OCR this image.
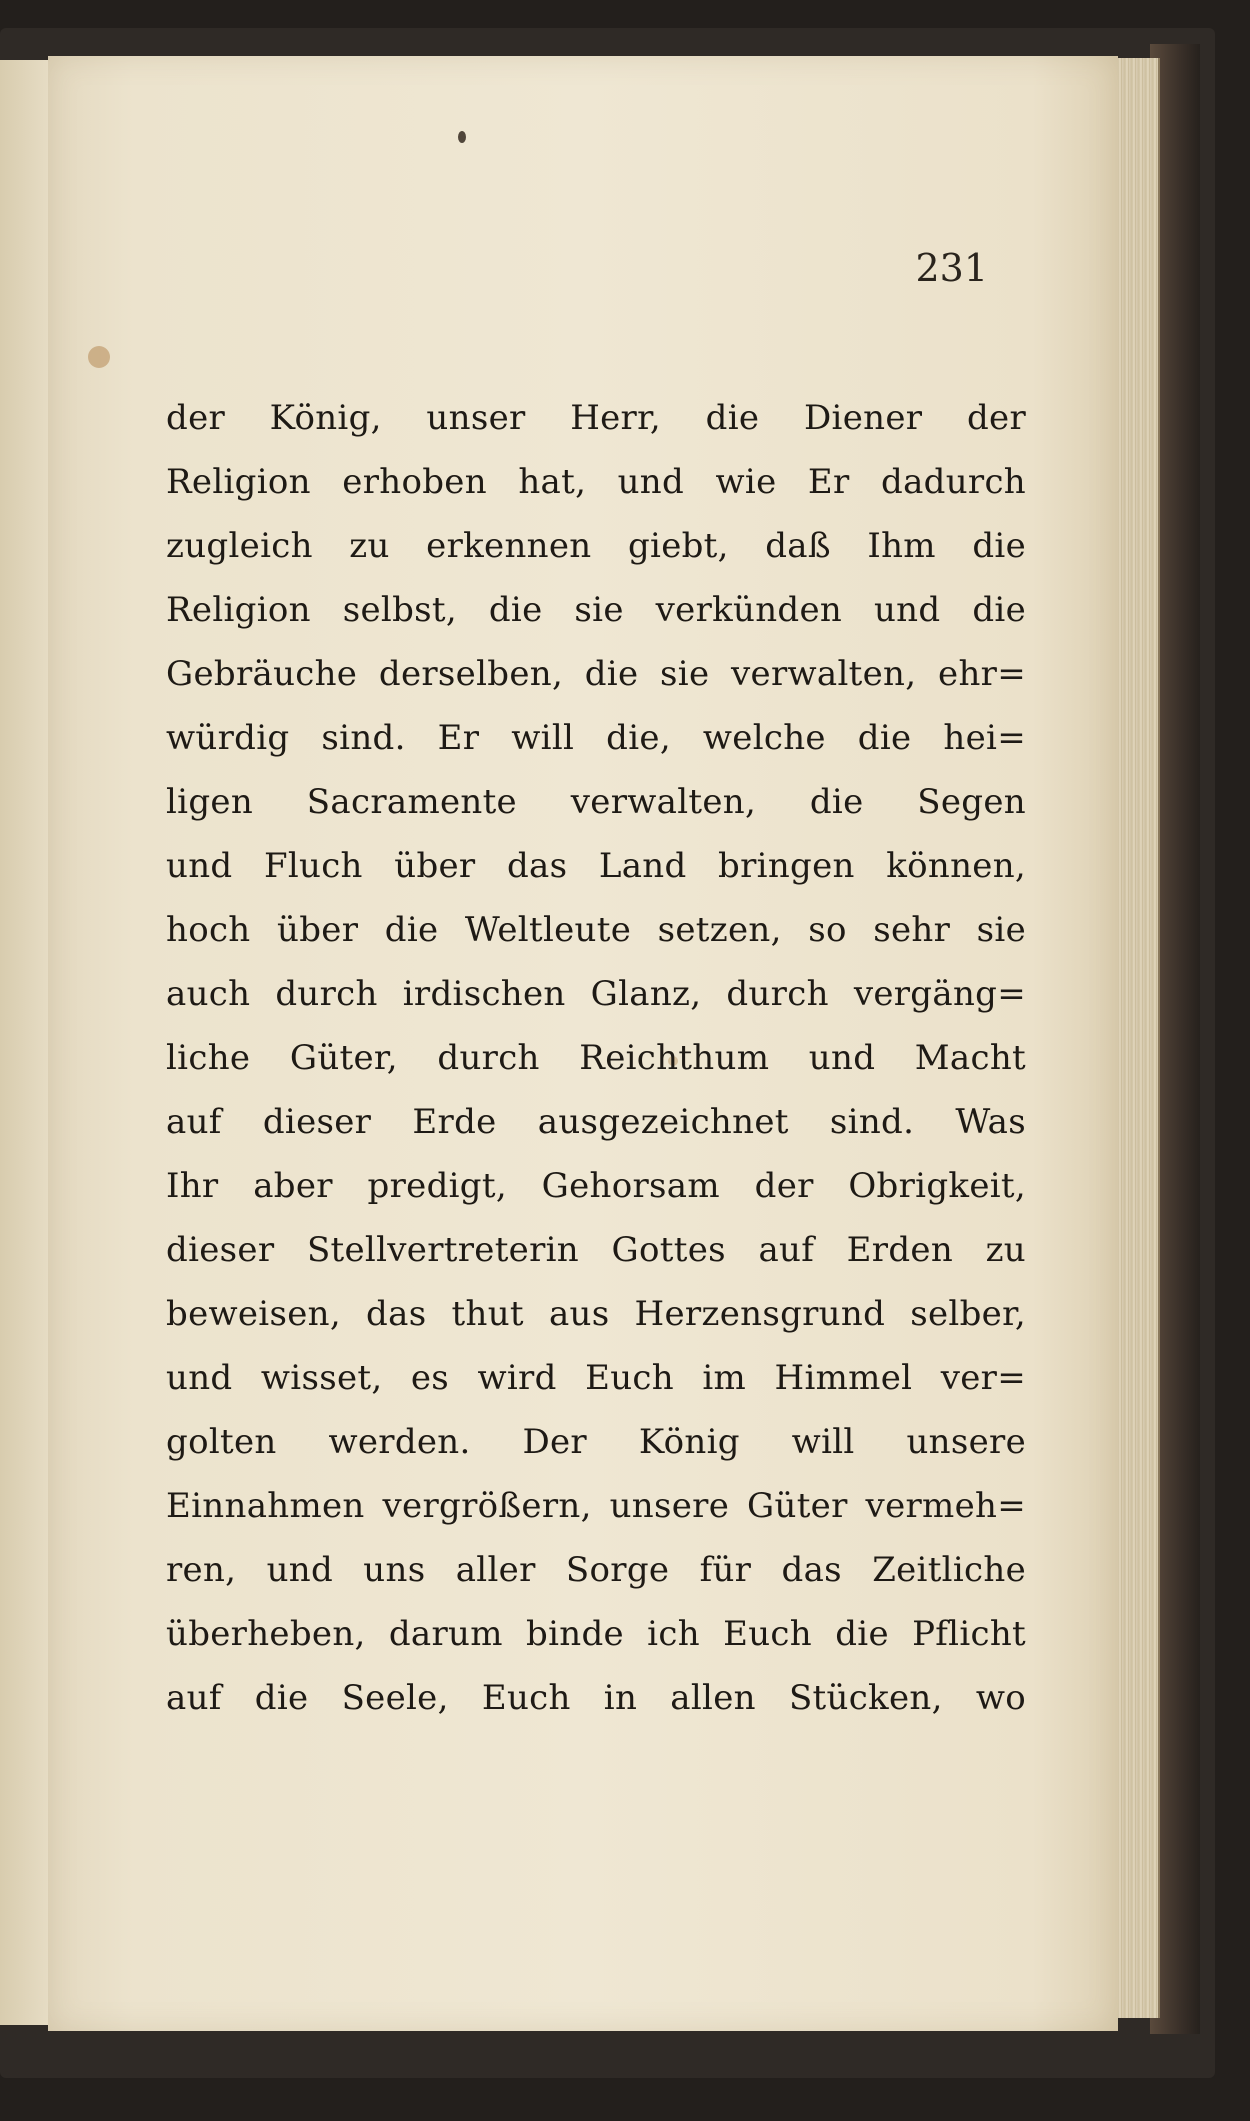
231
der König, unser Herr, die Diener der
Religion erhoben hat, und wie Er dadurch
zugleich zu erkennen giebt, daß Ihm die
Religion selbst, die sie verkünden und die
Gebräuche derselben, die sie verwalten, ehr=
würdig sind. Er will die, welche die hei=
ligen Sacramente verwalten, die Segen
und Fluch über das Land bringen können,
hoch über die Weltleute setzen, so sehr sie
auch durch irdischen Glanz, durch vergäng=
liche Güter, durch Reichthum und Macht
auf dieser Erde ausgezeichnet sind. Was
Ihr aber predigt, Gehorsam der Obrigkeit,
dieser Stellvertreterin Gottes auf Erden zu
beweisen, das thut aus Herzensgrund selber,
und wisset, es wird Euch im Himmel ver=
golten werden. Der König will unsere
Einnahmen vergrößern, unsere Güter vermeh=
ren, und uns aller Sorge für das Zeitliche
überheben, darum binde ich Euch die Pflicht
auf die Seele, Euch in allen Stücken, wo
